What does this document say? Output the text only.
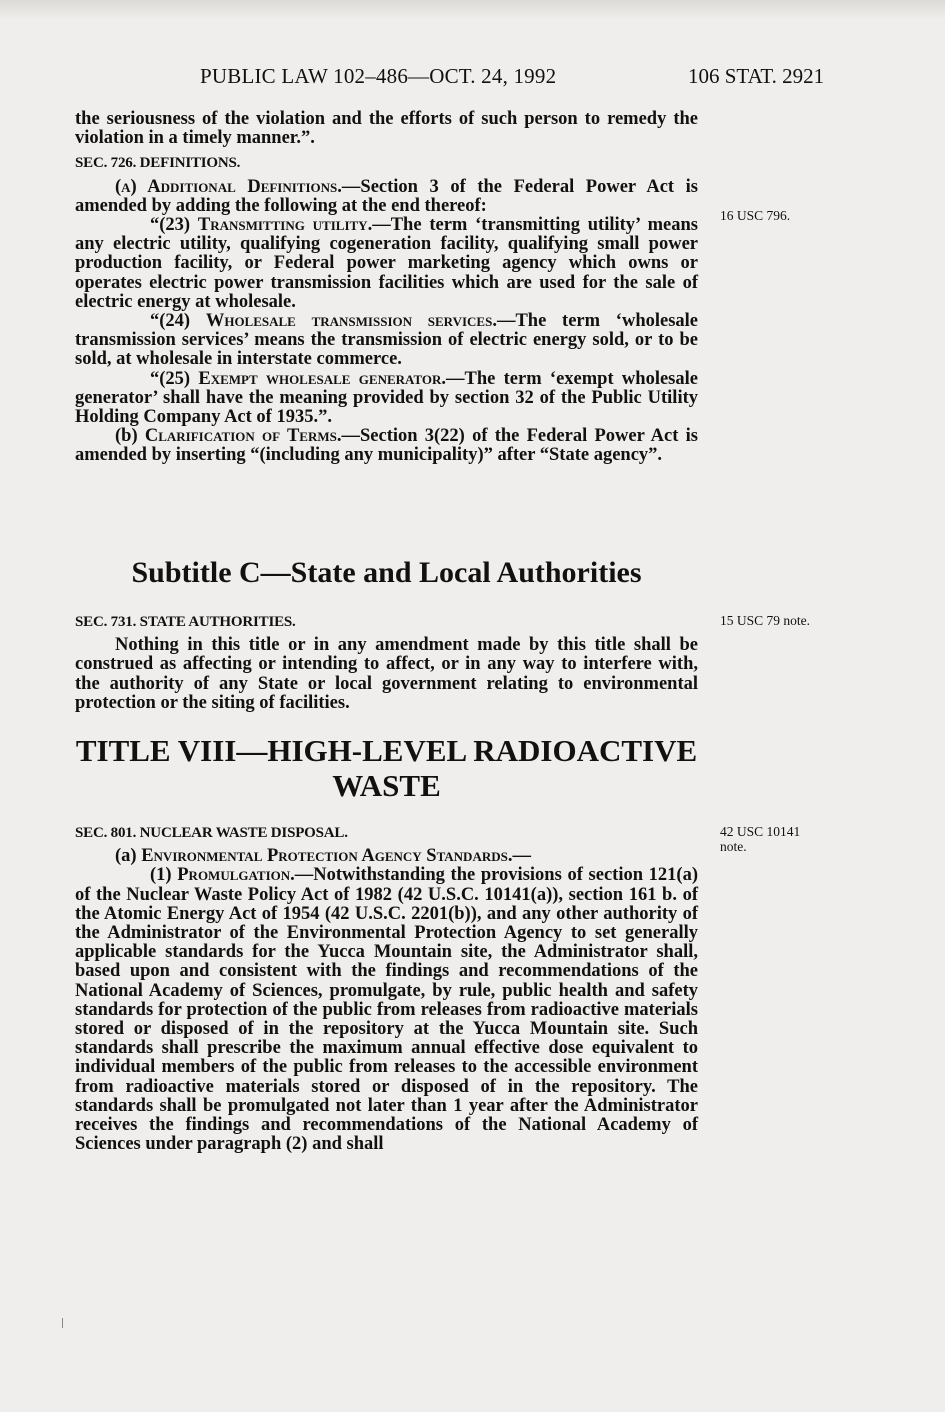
PUBLIC LAW 102–486—OCT. 24, 1992	106 STAT. 2921

the seriousness of the violation and the efforts of such person to remedy the violation in a timely manner.”.

SEC. 726. DEFINITIONS.

(a) Additional Definitions.—Section 3 of the Federal Power Act is amended by adding the following at the end thereof:

“(23) Transmitting utility.—The term ‘transmitting utility’ means any electric utility, qualifying cogeneration facility, qualifying small power production facility, or Federal power marketing agency which owns or operates electric power transmission facilities which are used for the sale of electric energy at wholesale.

“(24) Wholesale transmission services.—The term ‘wholesale transmission services’ means the transmission of electric energy sold, or to be sold, at wholesale in interstate commerce.

“(25) Exempt wholesale generator.—The term ‘exempt wholesale generator’ shall have the meaning provided by section 32 of the Public Utility Holding Company Act of 1935.”.

(b) Clarification of Terms.—Section 3(22) of the Federal Power Act is amended by inserting “(including any municipality)” after “State agency”.

16 USC 796.
Subtitle C—State and Local Authorities

SEC. 731. STATE AUTHORITIES.

Nothing in this title or in any amendment made by this title shall be construed as affecting or intending to affect, or in any way to interfere with, the authority of any State or local government relating to environmental protection or the siting of facilities.

15 USC 79 note.
TITLE VIII—HIGH-LEVEL RADIOACTIVE WASTE

SEC. 801. NUCLEAR WASTE DISPOSAL.

(a) Environmental Protection Agency Standards.—

(1) Promulgation.—Notwithstanding the provisions of section 121(a) of the Nuclear Waste Policy Act of 1982 (42 U.S.C. 10141(a)), section 161 b. of the Atomic Energy Act of 1954 (42 U.S.C. 2201(b)), and any other authority of the Administrator of the Environmental Protection Agency to set generally applicable standards for the Yucca Mountain site, the Administrator shall, based upon and consistent with the findings and recommendations of the National Academy of Sciences, promulgate, by rule, public health and safety standards for protection of the public from releases from radioactive materials stored or disposed of in the repository at the Yucca Mountain site. Such standards shall prescribe the maximum annual effective dose equivalent to individual members of the public from releases to the accessible environment from radioactive materials stored or disposed of in the repository. The standards shall be promulgated not later than 1 year after the Administrator receives the findings and recommendations of the National Academy of Sciences under paragraph (2) and shall

42 USC 10141 note.
